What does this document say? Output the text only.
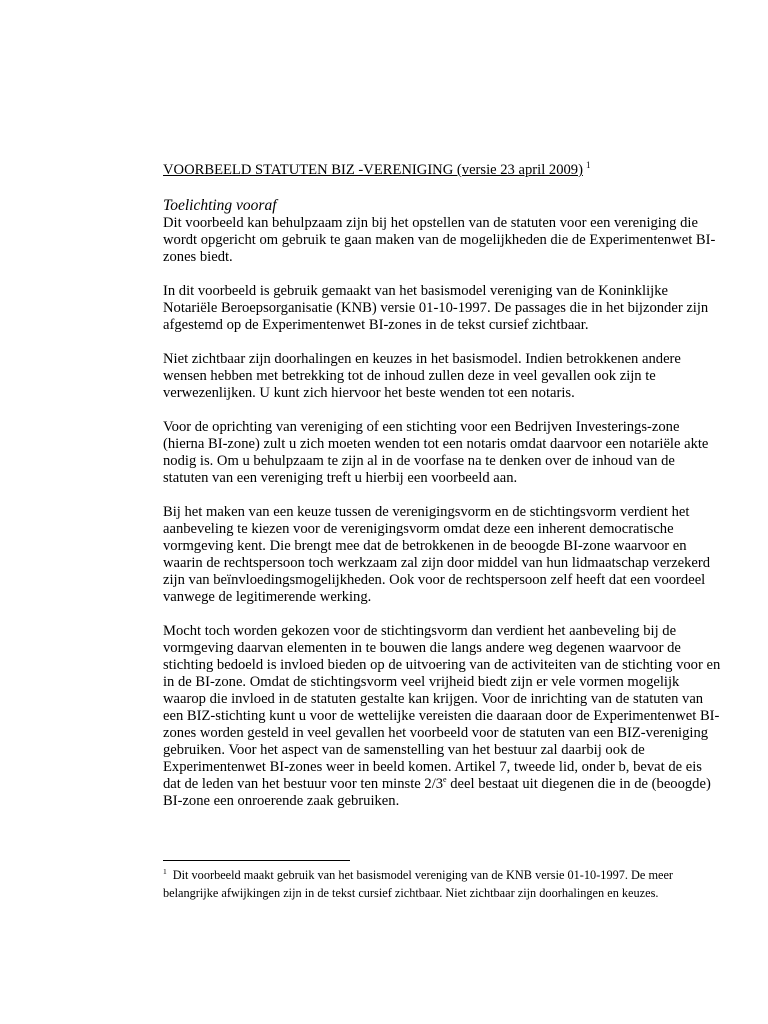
VOORBEELD STATUTEN BIZ -VERENIGING (versie 23 april 2009) $^1$
Toelichting vooraf

Dit voorbeeld kan behulpzaam zijn bij het opstellen van de statuten voor een vereniging die wordt opgericht om gebruik te gaan maken van de mogelijkheden die de Experimentenwet BI-zones biedt.

In dit voorbeeld is gebruik gemaakt van het basismodel vereniging van de Koninklijke Notariële Beroepsorganisatie (KNB) versie 01-10-1997. De passages die in het bijzonder zijn afgestemd op de Experimentenwet BI-zones in de tekst cursief zichtbaar.

Niet zichtbaar zijn doorhalingen en keuzes in het basismodel. Indien betrokkenen andere wensen hebben met betrekking tot de inhoud zullen deze in veel gevallen ook zijn te verwezenlijken. U kunt zich hiervoor het beste wenden tot een notaris.

Voor de oprichting van vereniging of een stichting voor een Bedrijven Investerings-zone (hierna BI-zone) zult u zich moeten wenden tot een notaris omdat daarvoor een notariële akte nodig is. Om u behulpzaam te zijn al in de voorfase na te denken over de inhoud van de statuten van een vereniging treft u hierbij een voorbeeld aan.

Bij het maken van een keuze tussen de verenigingsvorm en de stichtingsvorm verdient het aanbeveling te kiezen voor de verenigingsvorm omdat deze een inherent democratische vormgeving kent. Die brengt mee dat de betrokkenen in de beoogde BI-zone waarvoor en waarin de rechtspersoon toch werkzaam zal zijn door middel van hun lidmaatschap verzekerd zijn van beïnvloedingsmogelijkheden. Ook voor de rechtspersoon zelf heeft dat een voordeel vanwege de legitimerende werking.

Mocht toch worden gekozen voor de stichtingsvorm dan verdient het aanbeveling bij de vormgeving daarvan elementen in te bouwen die langs andere weg degenen waarvoor de stichting bedoeld is invloed bieden op de uitvoering van de activiteiten van de stichting voor en in de BI-zone. Omdat de stichtingsvorm veel vrijheid biedt zijn er vele vormen mogelijk waarop die invloed in de statuten gestalte kan krijgen. Voor de inrichting van de statuten van een BIZ-stichting kunt u voor de wettelijke vereisten die daaraan door de Experimentenwet BI-zones worden gesteld in veel gevallen het voorbeeld voor de statuten van een BIZ-vereniging gebruiken. Voor het aspect van de samenstelling van het bestuur zal daarbij ook de Experimentenwet BI-zones weer in beeld komen. Artikel 7, tweede lid, onder b, bevat de eis dat de leden van het bestuur voor ten minste 2/3e deel bestaat uit diegenen die in de (beoogde) BI-zone een onroerende zaak gebruiken.

$^1$ Dit voorbeeld maakt gebruik van het basismodel vereniging van de KNB versie 01-10-1997. De meer belangrijke afwijkingen zijn in de tekst cursief zichtbaar. Niet zichtbaar zijn doorhalingen en keuzes.
